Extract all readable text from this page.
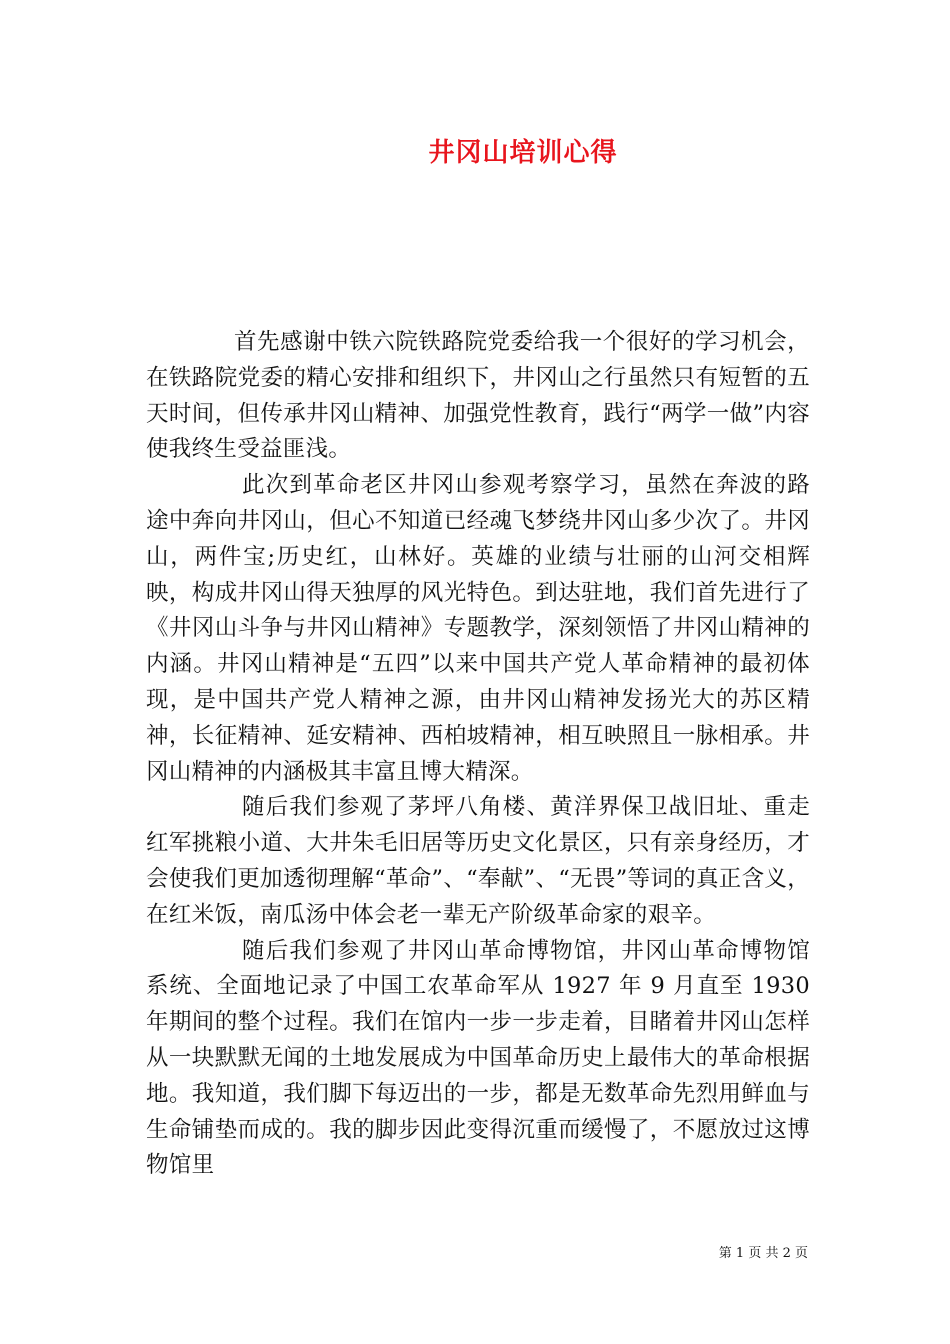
井冈山培训心得

首先感谢中铁六院铁路院党委给我一个很好的学习机会，在铁路院党委的精心安排和组织下，井冈山之行虽然只有短暂的五天时间，但传承井冈山精神、加强党性教育，践行“两学一做”内容使我终生受益匪浅。

此次到革命老区井冈山参观考察学习，虽然在奔波的路途中奔向井冈山，但心不知道已经魂飞梦绕井冈山多少次了。井冈山，两件宝;历史红，山林好。英雄的业绩与壮丽的山河交相辉映，构成井冈山得天独厚的风光特色。到达驻地，我们首先进行了《井冈山斗争与井冈山精神》专题教学，深刻领悟了井冈山精神的内涵。井冈山精神是“五四”以来中国共产党人革命精神的最初体现，是中国共产党人精神之源，由井冈山精神发扬光大的苏区精神，长征精神、延安精神、西柏坡精神，相互映照且一脉相承。井冈山精神的内涵极其丰富且博大精深。

随后我们参观了茅坪八角楼、黄洋界保卫战旧址、重走红军挑粮小道、大井朱毛旧居等历史文化景区，只有亲身经历，才会使我们更加透彻理解“革命”、“奉献”、“无畏”等词的真正含义，在红米饭，南瓜汤中体会老一辈无产阶级革命家的艰辛。

随后我们参观了井冈山革命博物馆，井冈山革命博物馆系统、全面地记录了中国工农革命军从 1927 年 9 月直至 1930 年期间的整个过程。我们在馆内一步一步走着，目睹着井冈山怎样从一块默默无闻的土地发展成为中国革命历史上最伟大的革命根据地。我知道，我们脚下每迈出的一步，都是无数革命先烈用鲜血与生命铺垫而成的。我的脚步因此变得沉重而缓慢了，不愿放过这博物馆里

第 1 页 共 2 页
